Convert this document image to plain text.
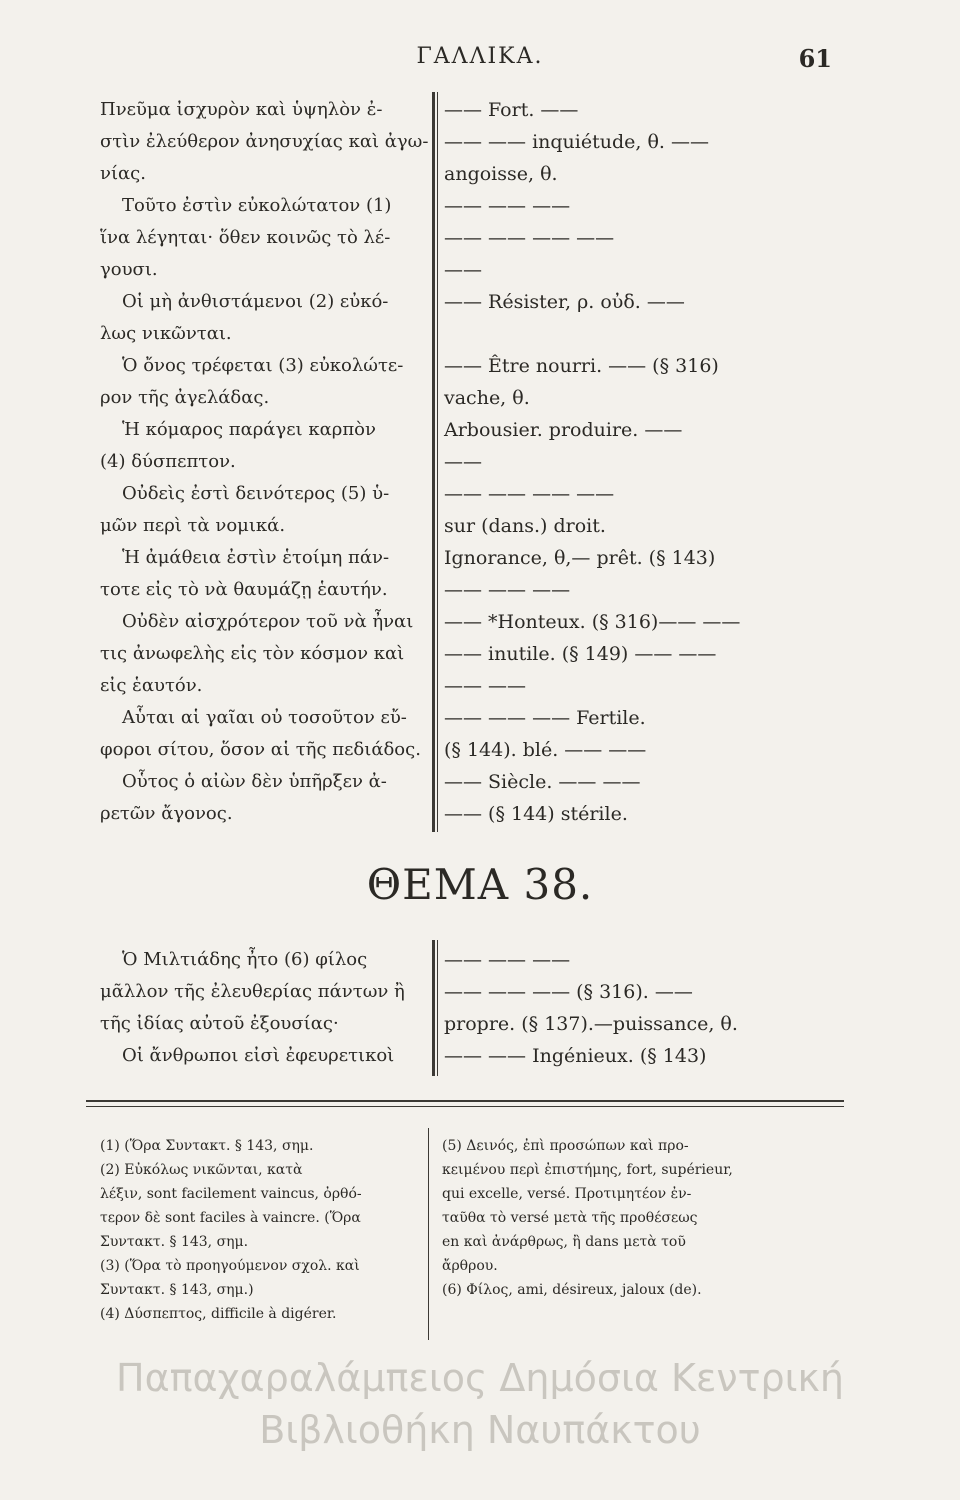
ΓΑΛΛΙΚΑ.	61
Πνεῦμα ἰσχυρὸν καὶ ὑψηλὸν ἐ-
στὶν ἐλεύθερον ἀνησυχίας καὶ ἀγω-
νίας.
Τοῦτο ἐστὶν εὐκολώτατον (1)
ἵνα λέγηται· ὅθεν κοινῶς τὸ λέ-
γουσι.
Οἱ μὴ ἀνθιστάμενοι (2) εὐκό-
λως νικῶνται.
Ὁ ὄνος τρέφεται (3) εὐκολώτε-
ρον τῆς ἀγελάδας.
Ἡ κόμαρος παράγει καρπὸν
(4) δύσπεπτον.
Οὐδεὶς ἐστὶ δεινότερος (5) ὑ-
μῶν περὶ τὰ νομικά.
Ἡ ἀμάθεια ἐστὶν ἑτοίμη πάν-
τοτε εἰς τὸ νὰ θαυμάζῃ ἑαυτήν.
Οὐδὲν αἰσχρότερον τοῦ νὰ ἦναι
τις ἀνωφελὴς εἰς τὸν κόσμον καὶ
εἰς ἑαυτόν.
Αὗται αἱ γαῖαι οὐ τοσοῦτον εὔ-
φοροι σίτου, ὅσον αἱ τῆς πεδιάδος.
Οὗτος ὁ αἰὼν δὲν ὑπῆρξεν ἀ-
ρετῶν ἄγονος.
—— Fort. ——
—— —— inquiétude, θ. ——
angoisse, θ.
—— —— ——
—— —— —— ——
——
—— Résister, ρ. οὐδ. ——

—— Être nourri. —— (§ 316)
vache, θ.
Arbousier. produire. ——
——
—— —— —— ——
sur (dans.) droit.
Ignorance, θ,— prêt. (§ 143)
—— —— ——
—— *Honteux. (§ 316)—— ——
—— inutile. (§ 149) —— ——
—— ——
—— —— —— Fertile.
(§ 144). blé. —— ——
—— Siècle. —— ——
—— (§ 144) stérile.
ΘΕΜΑ 38.
Ὁ Μιλτιάδης ἦτο (6) φίλος
μᾶλλον τῆς ἐλευθερίας πάντων ἢ
τῆς ἰδίας αὐτοῦ ἐξουσίας·
Οἱ ἄνθρωποι εἰσὶ ἐφευρετικοὶ
—— —— ——
—— —— —— (§ 316). ——
propre. (§ 137).—puissance, θ.
—— —— Ingénieux. (§ 143)
(1) (Ὅρα Συντακτ. § 143, σημ.
(2) Εὐκόλως νικῶνται, κατὰ
λέξιν, sont facilement vaincus, ὀρθό-
τερον δὲ sont faciles à vaincre. (Ὅρα
Συντακτ. § 143, σημ.
(3) (Ὅρα τὸ προηγούμενον σχολ. καὶ
Συντακτ. § 143, σημ.)
(4) Δύσπεπτος, difficile à digérer.
(5) Δεινός, ἐπὶ προσώπων καὶ προ-
κειμένου περὶ ἐπιστήμης, fort, supérieur,
qui excelle, versé. Προτιμητέον ἐν-
ταῦθα τὸ versé μετὰ τῆς προθέσεως
en καὶ ἀνάρθρως, ἢ dans μετὰ τοῦ
ἄρθρου.
(6) Φίλος, ami, désireux, jaloux (de).
Παπαχαραλάμπειος Δημόσια Κεντρική
Βιβλιοθήκη Ναυπάκτου
